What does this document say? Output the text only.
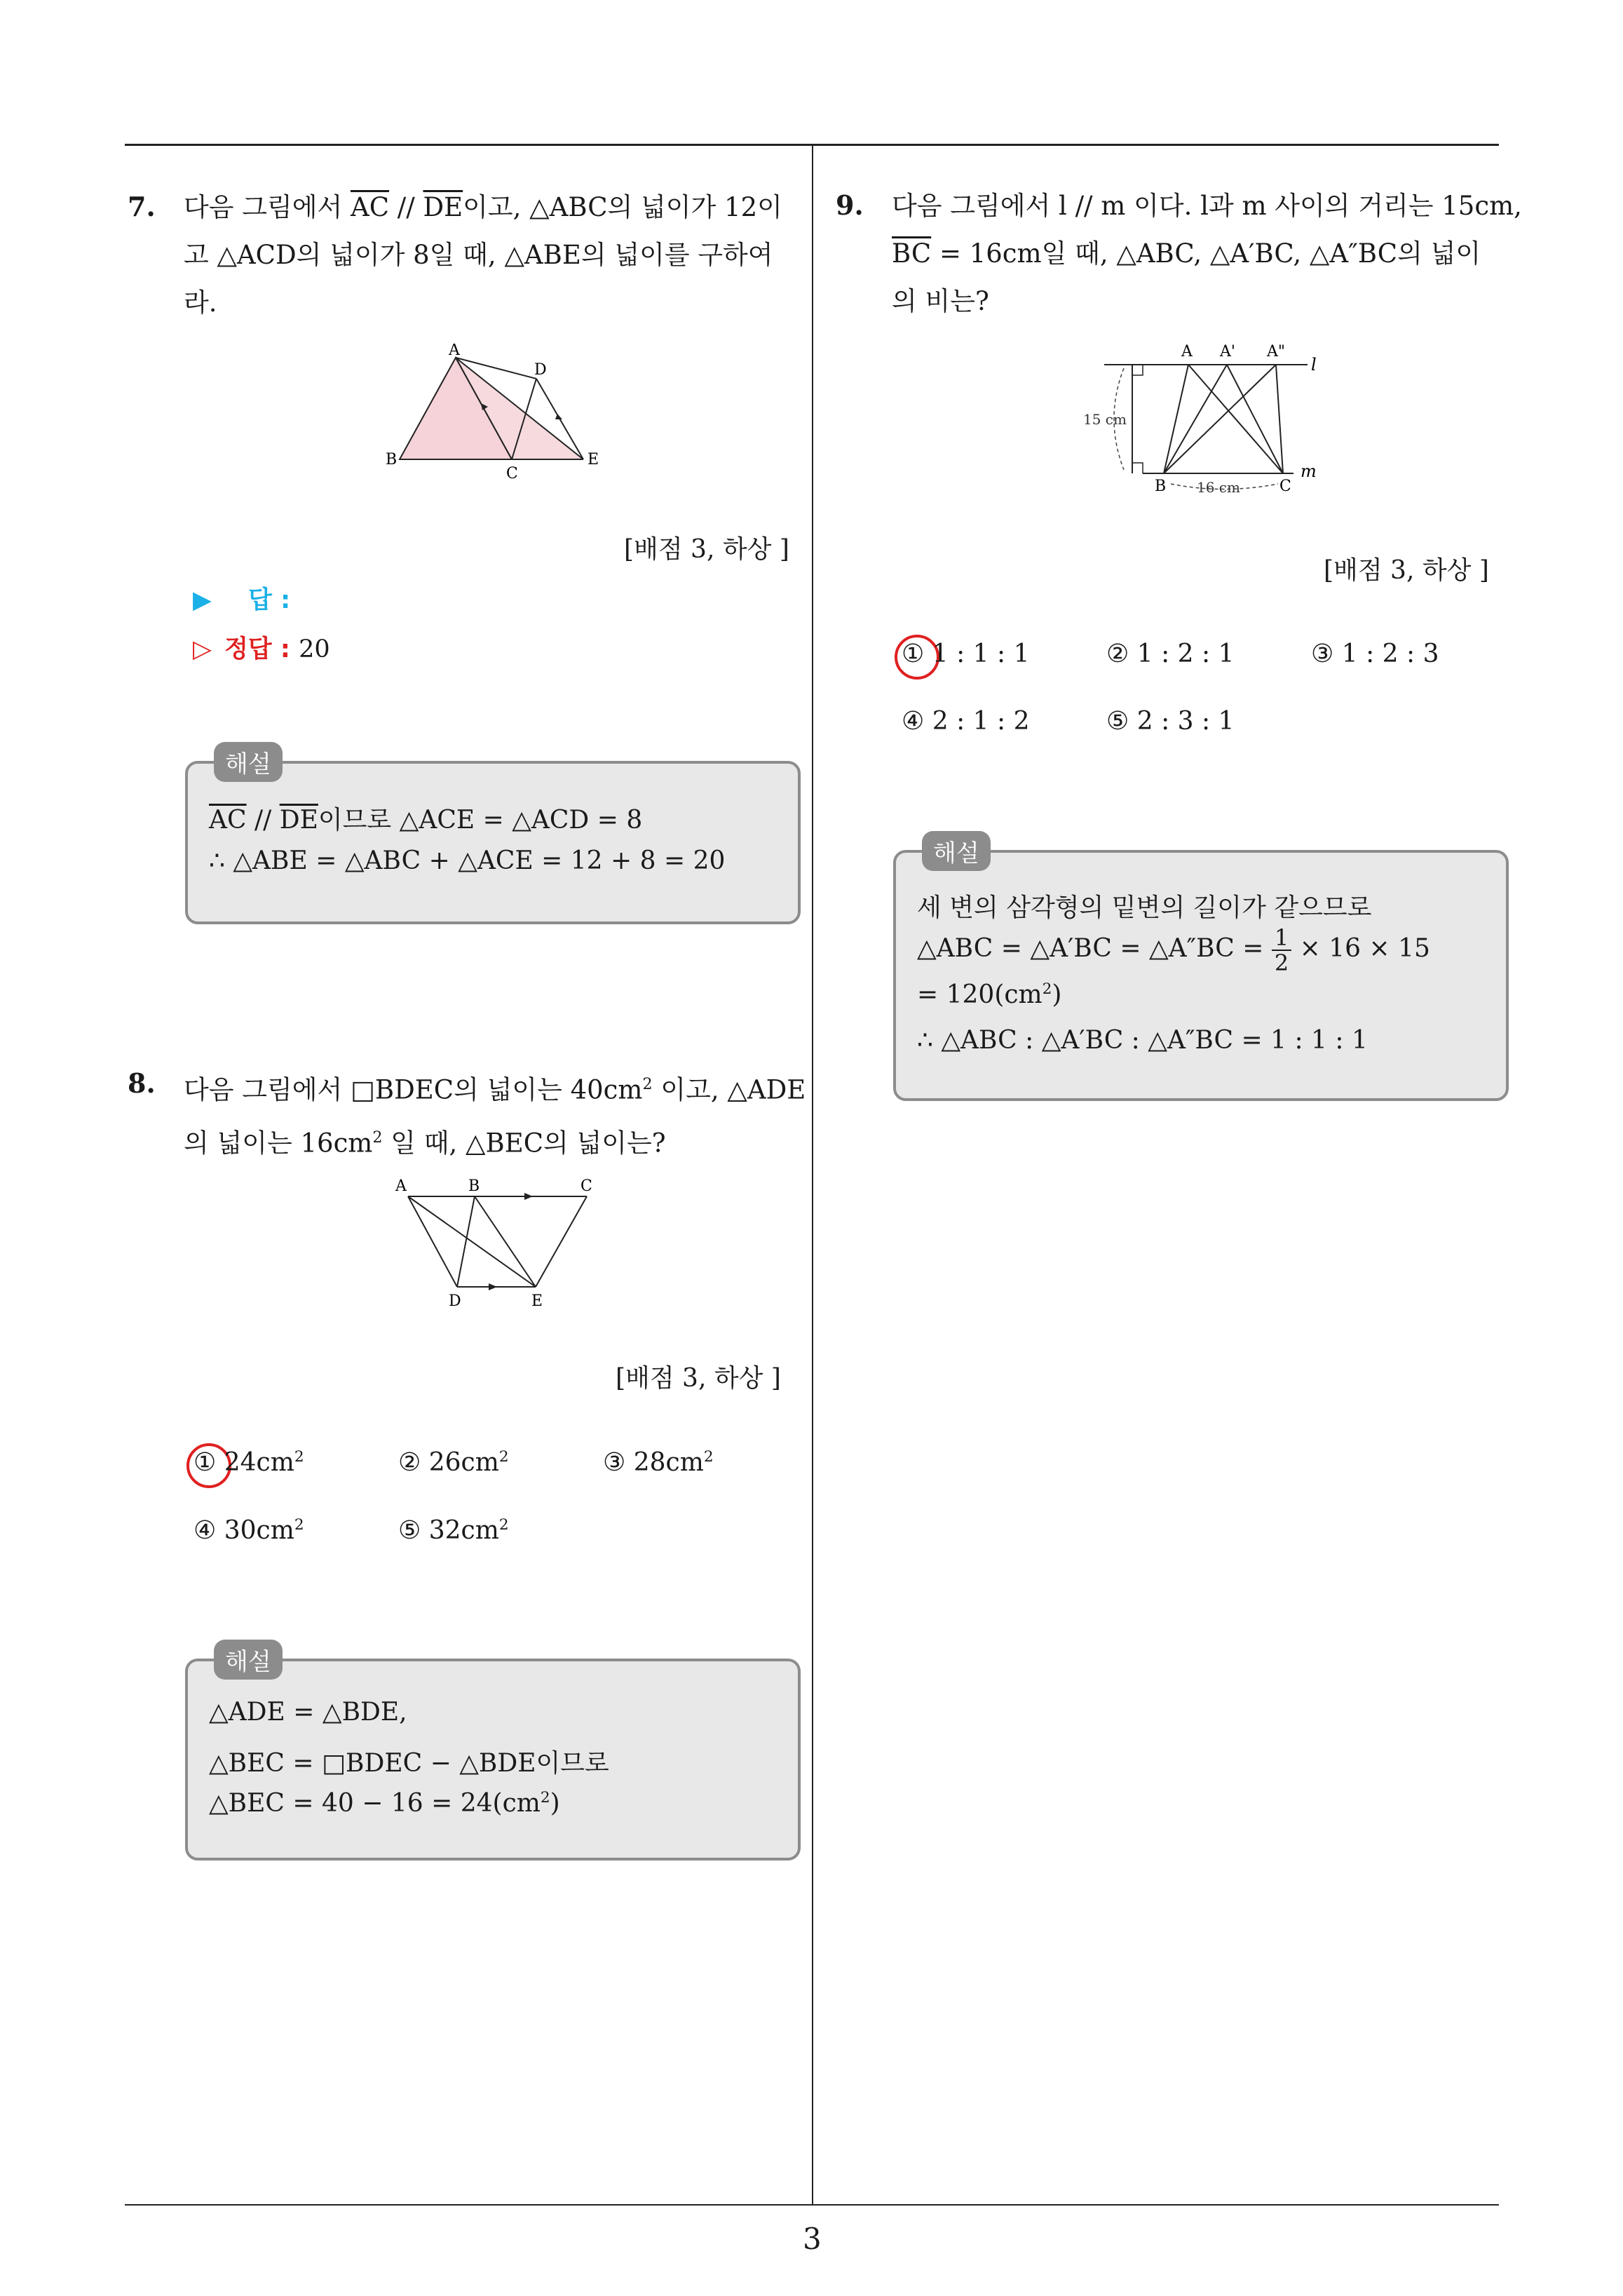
3
7. 다음 그림에서 $\overline{AC} // \overline{DE}$이고, △ABC의 넓이가 12이
고 △ACD의 넓이가 8일 때, △ABE의 넓이를 구하여
라.
A
D
B
C
E
[배점 3, 하상 ]
▶ 답 :
▷ 정답 : 20
$\overline{AC} // \overline{DE}$이므로 △ACE = △ACD = 8
∴ △ABE = △ABC + △ACE = 12 + 8 = 20
해설
8. 다음 그림에서 □BDEC의 넓이는 $40cm^2$ 이고, △ADE
의 넓이는 $16cm^2$ 일 때, △BEC의 넓이는?
A	B	C
D	E
[배점 3, 하상 ]
① $24cm^2$	② $26cm^2$	③ $28cm^2$
④ $30cm^2$	⑤ $32cm^2$
△ADE = △BDE,
△BEC = □BDEC − △BDE이므로
△BEC = $40 - 16 = 24(cm^2)$
해설
9. 다음 그림에서 l // m 이다. l과 m 사이의 거리는 15cm,
$\overline{BC} = 16cm$일 때, △ABC, △A′BC, △A″BC의 넓이
의 비는?
A A' A"
l
m
B	C
15 cm
16 cm
[배점 3, 하상 ]
① 1 : 1 : 1	② 1 : 2 : 1	③ 1 : 2 : 3
④ 2 : 1 : 2	⑤ 2 : 3 : 1
세 변의 삼각형의 밑변의 길이가 같으므로
△ABC = △A′BC = △A″BC = $\frac{1}{2} \times 16 \times 15$
= $120(cm^2)$
∴ △ABC : △A′BC : △A″BC = 1 : 1 : 1
해설
